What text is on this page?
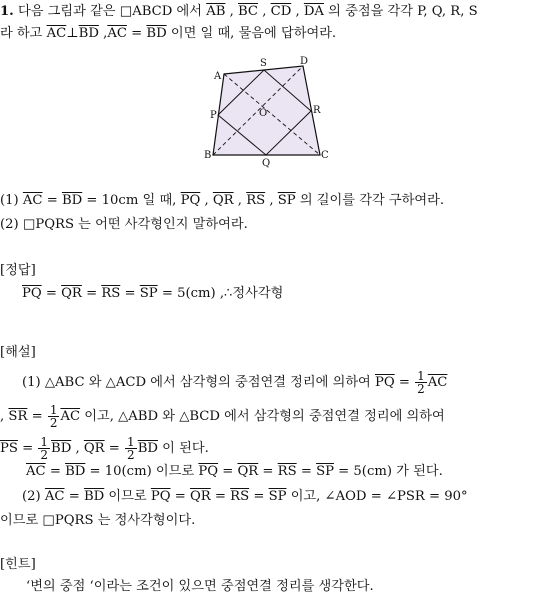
1. 다음 그림과 같은 □ABCD 에서 $\overline{AB}$ , $\overline{BC}$ , $\overline{CD}$ , $\overline{DA}$ 의 중점을 각각 P, Q, R, S
라 하고 $\overline{AC}\perp\overline{BD}$ $,\overline{AC} = \overline{BD}$ 이면 일 때, 물음에 답하여라.
A
S	D
P	O	R
B
Q
C
(1) $\overline{AC} = \overline{BD} = 10cm$ 일 때, $\overline{PQ}$ , $\overline{QR}$ , $\overline{RS}$ , $\overline{SP}$ 의 길이를 각각 구하여라.
(2) □PQRS 는 어떤 사각형인지 말하여라.
[정답]
$\overline{PQ} = \overline{QR} = \overline{RS} = \overline{SP} = 5(cm)$ ,∴정사각형
[해설]
(1) △ABC 와 △ACD 에서 삼각형의 중점연결 정리에 의하여 $\overline{PQ} = \frac{1}{2} \overline{AC}$
, $\overline{SR} = \frac{1}{2} \overline{AC}$ 이고, △ABD 와 △BCD 에서 삼각형의 중점연결 정리에 의하여
$\overline{PS} = \frac{1}{2} \overline{BD}$ , $\overline{QR} = \frac{1}{2} \overline{BD}$ 이 된다.
$\overline{AC} = \overline{BD} = 10(cm)$ 이므로 $\overline{PQ} = \overline{QR} = \overline{RS} = \overline{SP} = 5(cm)$ 가 된다.
(2) $\overline{AC} = \overline{BD}$ 이므로 $\overline{PQ} = \overline{QR} = \overline{RS} = \overline{SP}$ 이고, ∠AOD = ∠PSR = 90°
이므로 □PQRS 는 정사각형이다.
[힌트]
‘변의 중점 ‘이라는 조건이 있으면 중점연결 정리를 생각한다.
